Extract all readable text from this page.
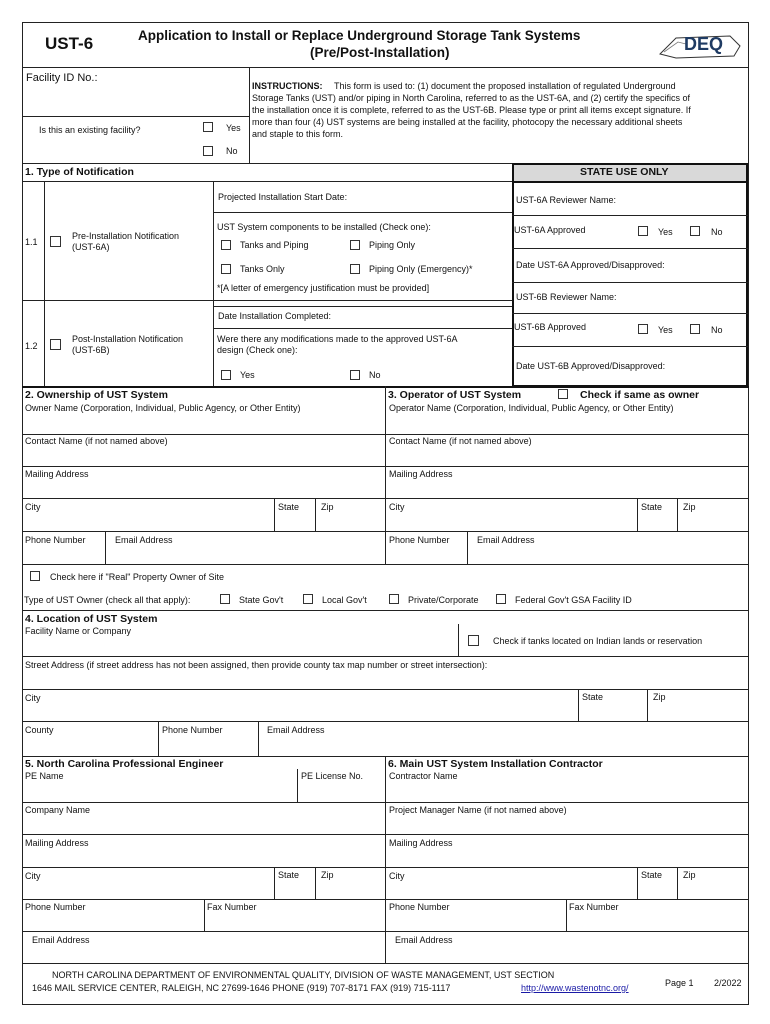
UST-6	Application to Install or Replace Underground Storage Tank Systems
(Pre/Post-Installation)	DEQ
Facility ID No.:
Is this an existing facility?	Yes
No
INSTRUCTIONS: This form is used to: (1) document the proposed installation of regulated Underground
Storage Tanks (UST) and/or piping in North Carolina, referred to as the UST-6A, and (2) certify the specifics of
the installation once it is complete, referred to as the UST-6B. Please type or print all items except signature. If
more than four (4) UST systems are being installed at the facility, photocopy the necessary additional sheets
and staple to this form.
1. Type of Notification	STATE USE ONLY
UST-6A Reviewer Name:
UST-6A Approved	Yes	No
Date UST-6A Approved/Disapproved:
UST-6B Reviewer Name:
UST-6B Approved	Yes	No
Date UST-6B Approved/Disapproved:
1.1
Pre-Installation Notification
(UST-6A)
1.2
Post-Installation Notification
(UST-6B)
Projected Installation Start Date:
UST System components to be installed (Check one):
Tanks and Piping	Piping Only
Tanks Only	Piping Only (Emergency)*
*[A letter of emergency justification must be provided]
Date Installation Completed:
Were there any modifications made to the approved UST-6A
design (Check one):
Yes	No
2. Ownership of UST System	3. Operator of UST System	Check if same as owner
Owner Name (Corporation, Individual, Public Agency, or Other Entity)	Operator Name (Corporation, Individual, Public Agency, or Other Entity)
Contact Name (if not named above)	Contact Name (if not named above)
Mailing Address	Mailing Address
City	State Zip	City	State Zip
Phone Number	Email Address	Phone Number	Email Address
Check here if "Real" Property Owner of Site
Type of UST Owner (check all that apply):	State Gov't	Local Gov't	Private/Corporate	Federal Gov't GSA Facility ID
4. Location of UST System
Facility Name or Company
Check if tanks located on Indian lands or reservation
Street Address (if street address has not been assigned, then provide county tax map number or street intersection):
City	State	Zip
County	Phone Number	Email Address
5. North Carolina Professional Engineer	6. Main UST System Installation Contractor
PE Name	PE License No.	Contractor Name
Company Name	Project Manager Name (if not named above)
Mailing Address	Mailing Address
City	State Zip	City	State Zip
Phone Number	Fax Number	Phone Number	Fax Number
Email Address	Email Address
NORTH CAROLINA DEPARTMENT OF ENVIRONMENTAL QUALITY, DIVISION OF WASTE MANAGEMENT, UST SECTION
1646 MAIL SERVICE CENTER, RALEIGH, NC 27699-1646 PHONE (919) 707-8171 FAX (919) 715-1117	http://www.wastenotnc.org/	Page 1 2/2022
